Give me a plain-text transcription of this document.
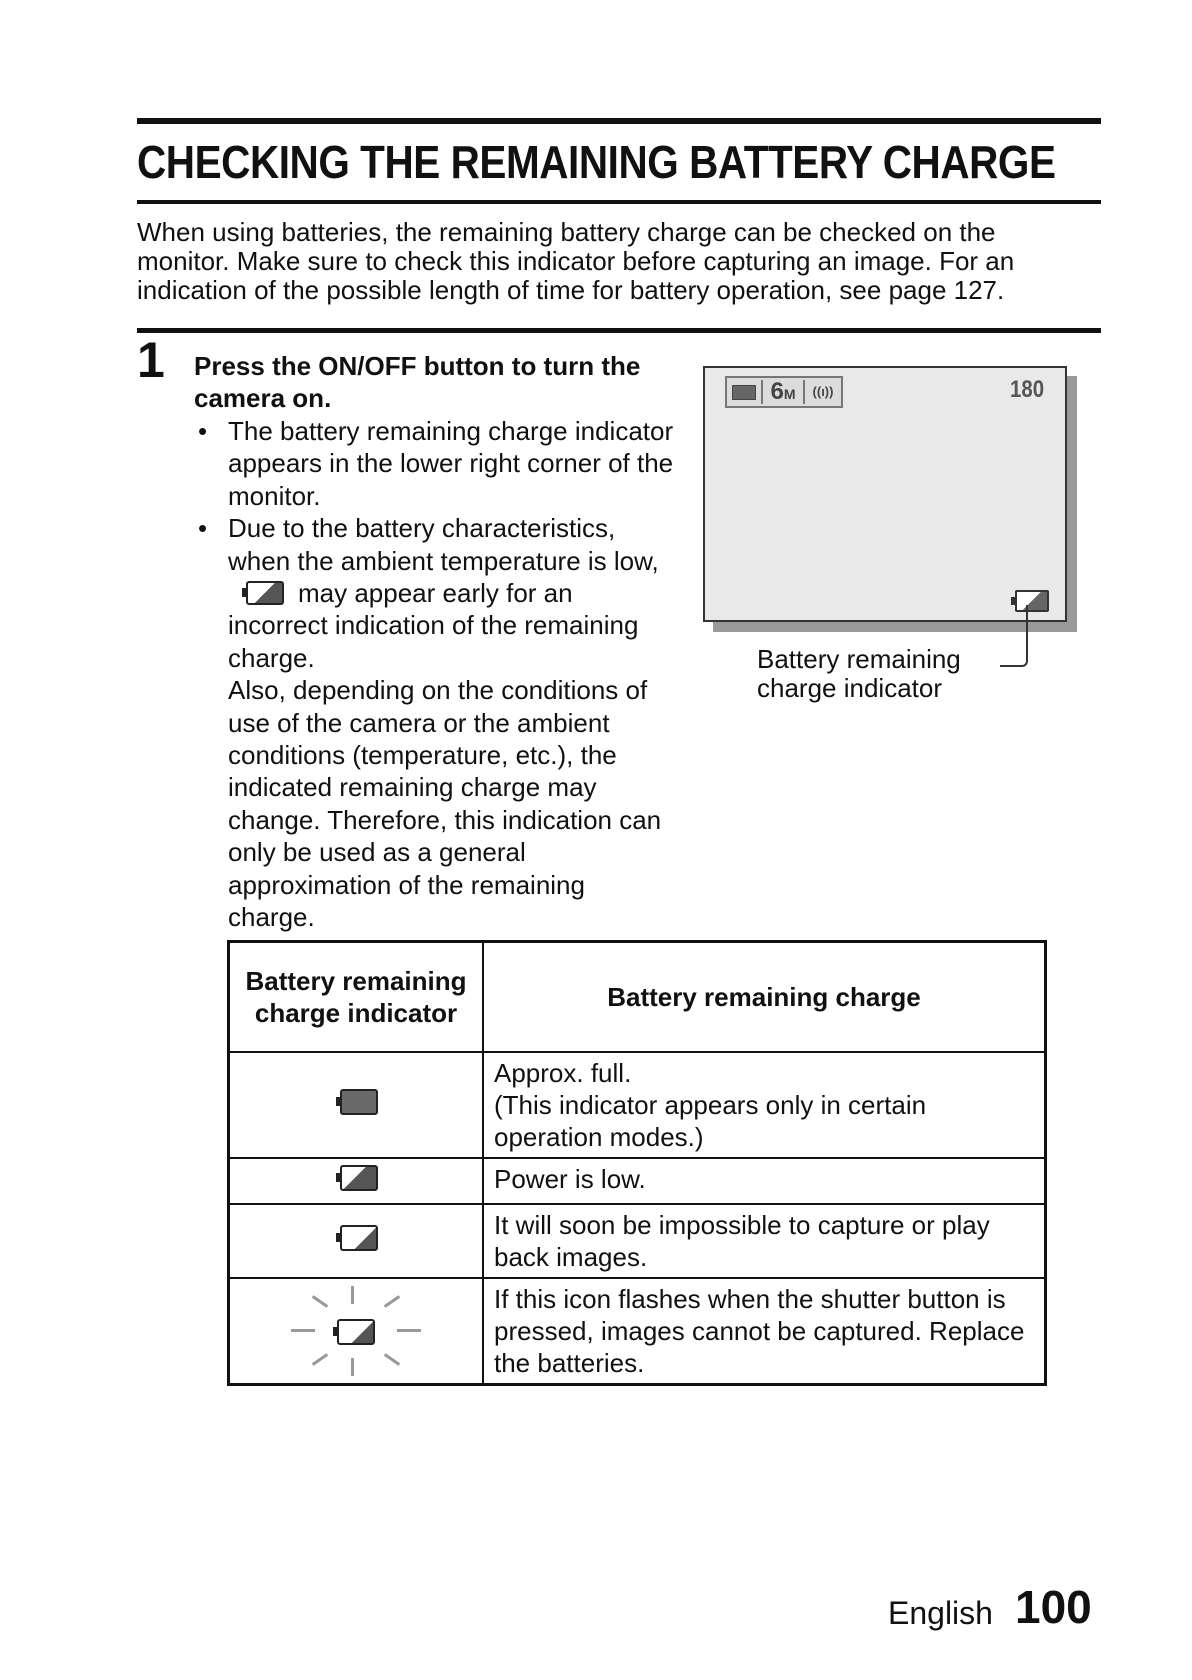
CHECKING THE REMAINING BATTERY CHARGE

When using batteries, the remaining battery charge can be checked on the

monitor. Make sure to check this indicator before capturing an image. For an

indication of the possible length of time for battery operation, see page 127.

1 Press the ON/OFF button to turn the camera on.
• The battery remaining charge indicator appears in the lower right corner of the monitor.

• Due to the battery characteristics, when the ambient temperature is low,may appear early for an incorrect indication of the remaining charge.

Also, depending on the conditions of use of the camera or the ambient conditions (temperature, etc.), the indicated remaining charge may change. Therefore, this indication can only be used as a general approximation of the remaining charge.

6M	((ı))	180
Battery remaining charge indicator
Battery remaining charge indicator	Battery remaining charge

	Approx. full.

(This indicator appears only in certain operation modes.)

	Power is low.

	It will soon be impossible to capture or play back images.

	If this icon flashes when the shutter button is pressed, images cannot be captured. Replace the batteries.

English 100
